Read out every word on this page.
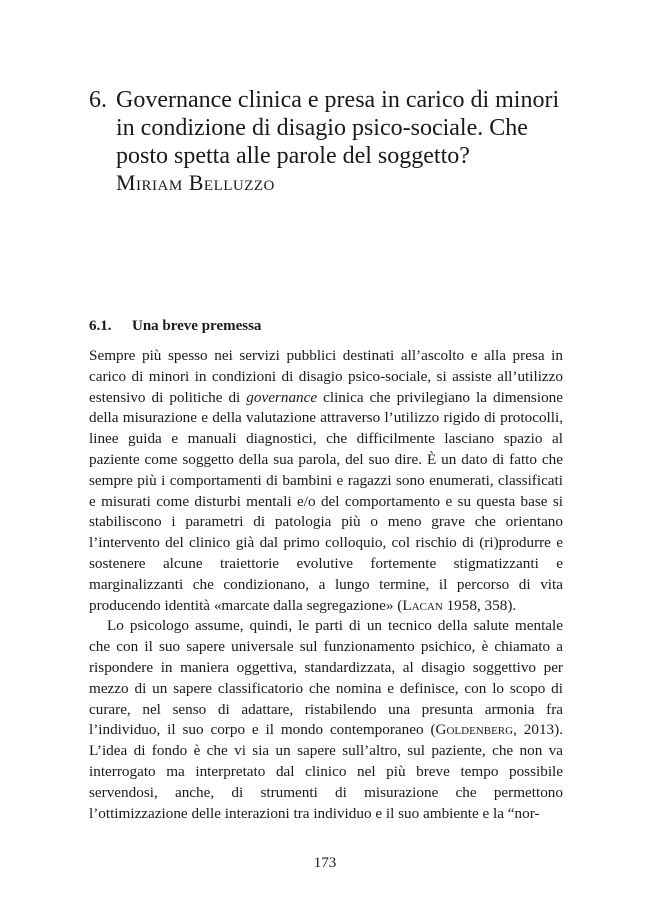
6. Governance clinica e presa in carico di minori in condizione di disagio psico-sociale. Che posto spetta alle parole del soggetto?
Miriam Belluzzo
6.1.	Una breve premessa

Sempre più spesso nei servizi pubblici destinati all’ascolto e alla presa in carico di minori in condizioni di disagio psico-sociale, si assiste all’utilizzo estensivo di politiche di governance clinica che privilegiano la dimensione della misurazione e della valutazione attraverso l’utilizzo rigido di protocolli, linee guida e manuali diagnostici, che difficilmente lasciano spazio al paziente come soggetto della sua parola, del suo dire. È un dato di fatto che sempre più i comportamenti di bambini e ragazzi sono enumerati, classificati e misurati come disturbi mentali e/o del comportamento e su questa base si stabiliscono i parametri di patologia più o meno grave che orientano l’intervento del clinico già dal primo colloquio, col rischio di (ri)produrre e sostenere alcune traiettorie evolutive fortemente stigmatizzanti e marginalizzanti che condizionano, a lungo termine, il percorso di vita producendo identità «marcate dalla segregazione» (Lacan 1958, 358).

Lo psicologo assume, quindi, le parti di un tecnico della salute mentale che con il suo sapere universale sul funzionamento psichico, è chiamato a rispondere in maniera oggettiva, standardizzata, al disagio soggettivo per mezzo di un sapere classificatorio che nomina e definisce, con lo scopo di curare, nel senso di adattare, ristabilendo una presunta armonia fra l’individuo, il suo corpo e il mondo contemporaneo (Goldenberg, 2013). L’idea di fondo è che vi sia un sapere sull’altro, sul paziente, che non va interrogato ma interpretato dal clinico nel più breve tempo possibile servendosi, anche, di strumenti di misurazione che permettono l’ottimizzazione delle interazioni tra individuo e il suo ambiente e la “nor-

173
